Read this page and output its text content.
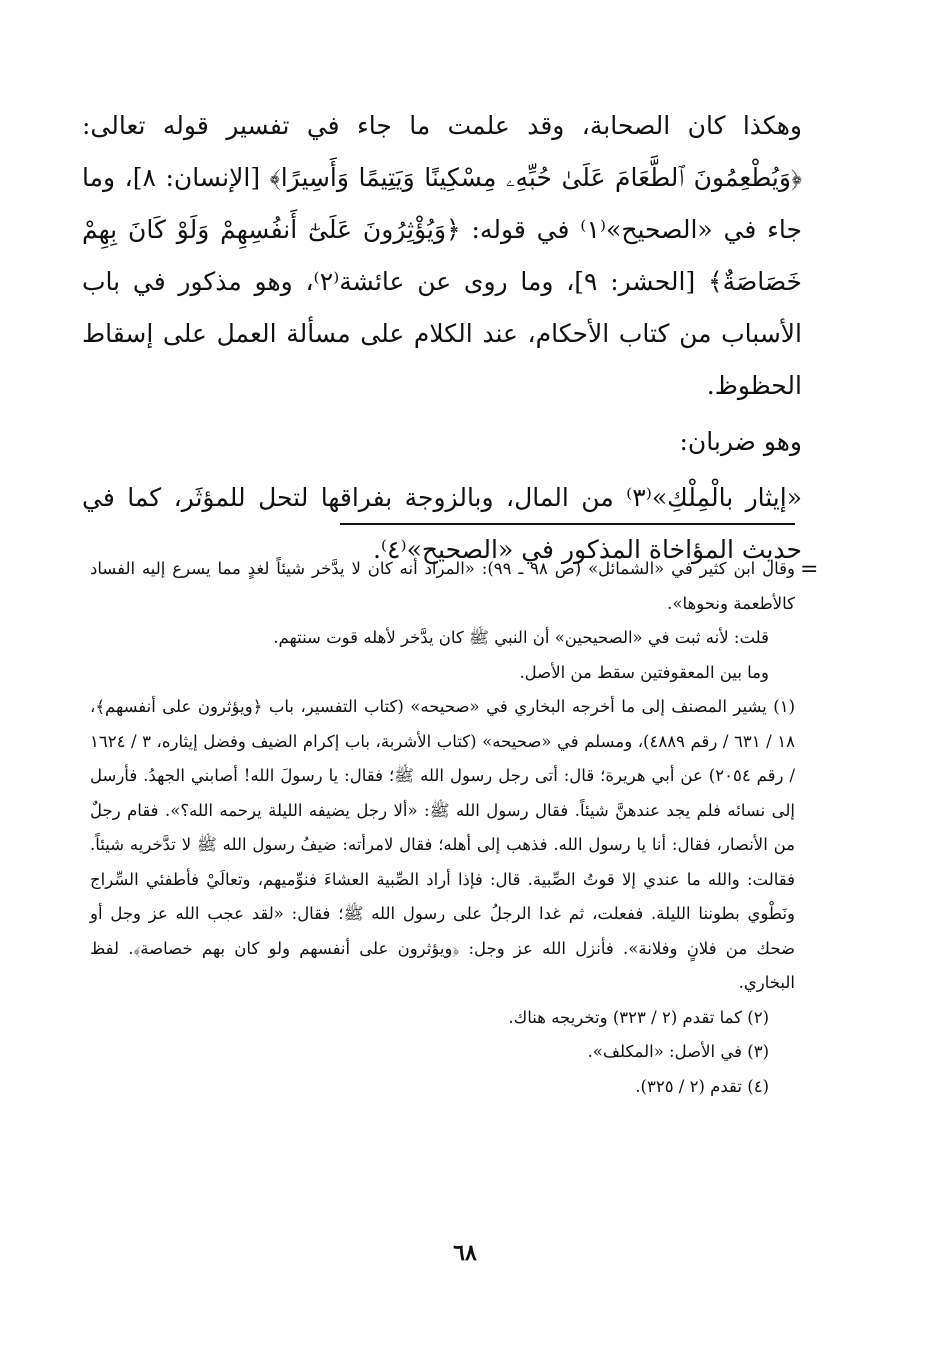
وهكذا كان الصحابة، وقد علمت ما جاء في تفسير قوله تعالى: ﴿وَيُطْعِمُونَ ٱلطَّعَامَ عَلَىٰ حُبِّهِۦ مِسْكِينًا وَيَتِيمًا وَأَسِيرًا﴾ [الإنسان: ٨]، وما جاء في «الصحيح»⁽١⁾ في قوله: ﴿وَيُؤْثِرُونَ عَلَىٰٓ أَنفُسِهِمْ وَلَوْ كَانَ بِهِمْ خَصَاصَةٌ﴾ [الحشر: ٩]، وما روى عن عائشة⁽٢⁾، وهو مذكور في باب الأسباب من كتاب الأحكام، عند الكلام على مسألة العمل على إسقاط الحظوظ.

وهو ضربان:

«إيثار بالْمِلْكِ»⁽٣⁾ من المال، وبالزوجة بفراقها لتحل للمؤثَر، كما في حديث المؤاخاة المذكور في «الصحيح»⁽٤⁾.

=

وقال ابن كثير في «الشمائل» (ص ٩٨ ـ ٩٩): «المراد أنه كان لا يدَّخر شيئاً لغدٍ مما يسرع إليه الفساد كالأطعمة ونحوها».

قلت: لأنه ثبت في «الصحيحين» أن النبي ﷺ كان يدَّخر لأهله قوت سنتهم.

وما بين المعقوفتين سقط من الأصل.

(١) يشير المصنف إلى ما أخرجه البخاري في «صحيحه» (كتاب التفسير، باب ﴿ويؤثرون على أنفسهم﴾، ١٨ / ٦٣١ / رقم ٤٨٨٩)، ومسلم في «صحيحه» (كتاب الأشربة، باب إكرام الضيف وفضل إيثاره، ٣ / ١٦٢٤ / رقم ٢٠٥٤) عن أبي هريرة؛ قال: أتى رجل رسول الله ﷺ؛ فقال: يا رسولَ الله! أصابني الجهدُ. فأرسل إلى نسائه فلم يجد عندهنَّ شيئاً. فقال رسول الله ﷺ: «ألا رجل يضيفه الليلة يرحمه الله؟». فقام رجلٌ من الأنصار، فقال: أنا يا رسول الله. فذهب إلى أهله؛ فقال لامرأته: ضيفُ رسول الله ﷺ لا تدَّخريه شيئاً. فقالت: والله ما عندي إلا قوتُ الصِّبية. قال: فإذا أراد الصِّبية العشاءَ فنوِّميهم، وتعالَيْ فأطفئي السِّراج ونَطْوي بطوننا الليلة. ففعلت، ثم غدا الرجلُ على رسول الله ﷺ؛ فقال: «لقد عجب الله عز وجل أو ضحك من فلانٍ وفلانة». فأنزل الله عز وجل: ﴿ويؤثرون على أنفسهم ولو كان بهم خصاصة﴾. لفظ البخاري.

(٢) كما تقدم (٢ / ٣٢٣) وتخريجه هناك.

(٣) في الأصل: «المكلف».

(٤) تقدم (٢ / ٣٢٥).

٦٨
